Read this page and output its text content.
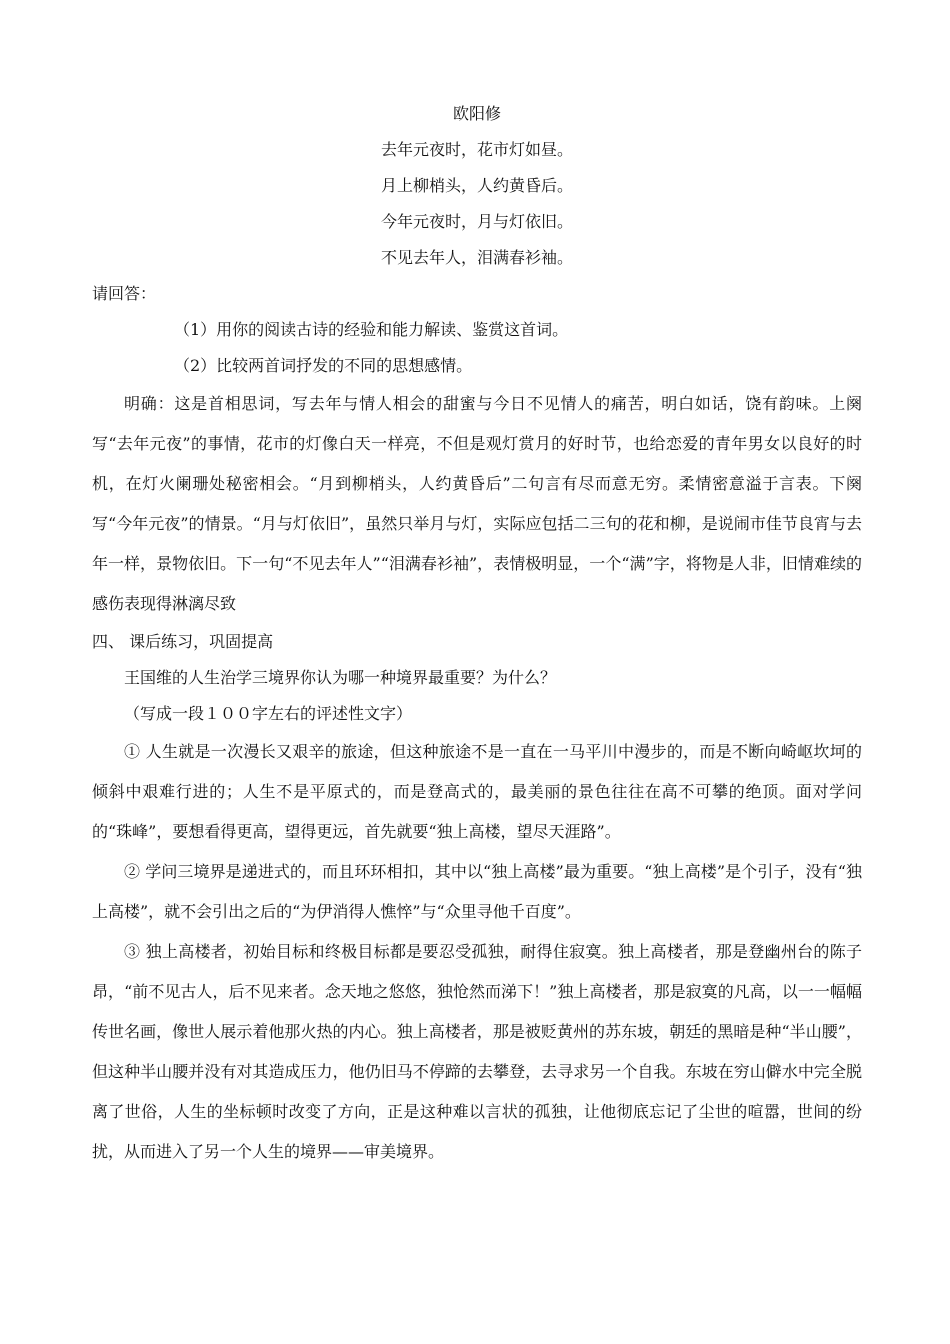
欧阳修
去年元夜时，花市灯如昼。
月上柳梢头，人约黄昏后。
今年元夜时，月与灯依旧。
不见去年人，泪满春衫袖。
请回答：
（1）用你的阅读古诗的经验和能力解读、鉴赏这首词。
（2）比较两首词抒发的不同的思想感情。
明确：这是首相思词，写去年与情人相会的甜蜜与今日不见情人的痛苦，明白如话，饶有韵味。上阕写“去年元夜”的事情，花市的灯像白天一样亮，不但是观灯赏月的好时节，也给恋爱的青年男女以良好的时机，在灯火阑珊处秘密相会。“月到柳梢头，人约黄昏后”二句言有尽而意无穷。柔情密意溢于言表。下阕写“今年元夜”的情景。“月与灯依旧”，虽然只举月与灯，实际应包括二三句的花和柳，是说闹市佳节良宵与去年一样，景物依旧。下一句“不见去年人”“泪满春衫袖”，表情极明显，一个“满”字，将物是人非，旧情难续的感伤表现得淋漓尽致
四、 课后练习，巩固提高
王国维的人生治学三境界你认为哪一种境界最重要？为什么？
（写成一段１００字左右的评述性文字）
① 人生就是一次漫长又艰辛的旅途，但这种旅途不是一直在一马平川中漫步的，而是不断向崎岖坎坷的倾斜中艰难行进的；人生不是平原式的，而是登高式的，最美丽的景色往往在高不可攀的绝顶。面对学问的“珠峰”，要想看得更高，望得更远，首先就要“独上高楼，望尽天涯路”。
② 学问三境界是递进式的，而且环环相扣，其中以“独上高楼”最为重要。“独上高楼”是个引子，没有“独上高楼”，就不会引出之后的“为伊消得人憔悴”与“众里寻他千百度”。
③ 独上高楼者，初始目标和终极目标都是要忍受孤独，耐得住寂寞。独上高楼者，那是登幽州台的陈子昂，“前不见古人，后不见来者。念天地之悠悠，独怆然而涕下！”独上高楼者，那是寂寞的凡高，以一一幅幅传世名画，像世人展示着他那火热的内心。独上高楼者，那是被贬黄州的苏东坡，朝廷的黑暗是种“半山腰”，但这种半山腰并没有对其造成压力，他仍旧马不停蹄的去攀登，去寻求另一个自我。东坡在穷山僻水中完全脱离了世俗，人生的坐标顿时改变了方向，正是这种难以言状的孤独，让他彻底忘记了尘世的喧嚣，世间的纷扰，从而进入了另一个人生的境界——审美境界。
